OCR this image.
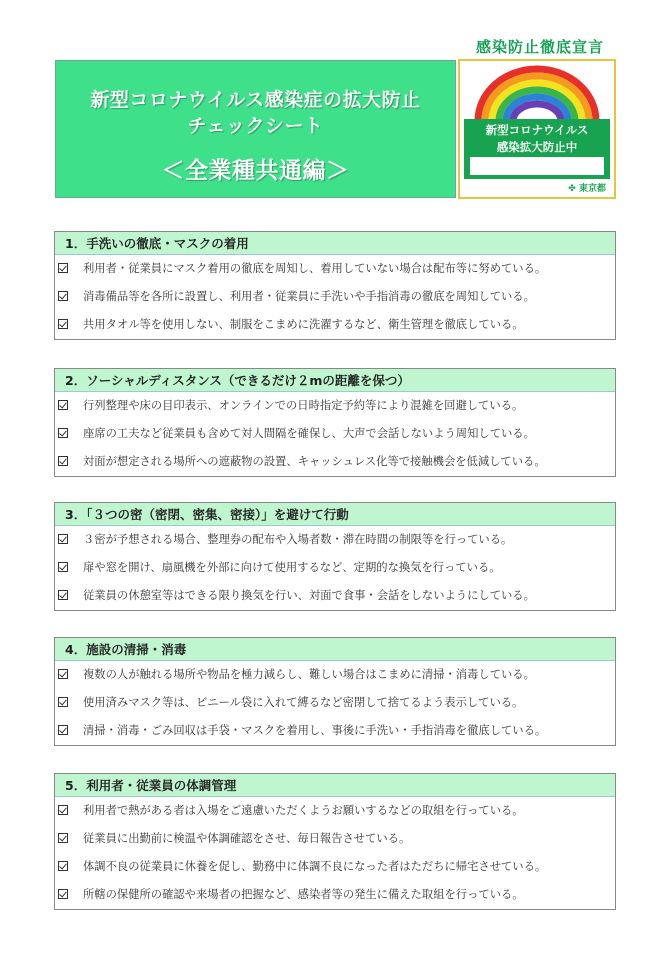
新型コロナウイルス感染症の拡大防止
チェックシート
＜全業種共通編＞
感染防止徹底宣言
新型コロナウイルス
感染拡大防止中
✤ 東京都
1．手洗いの徹底・マスクの着用
利用者・従業員にマスク着用の徹底を周知し、着用していない場合は配布等に努めている。
消毒備品等を各所に設置し、利用者・従業員に手洗いや手指消毒の徹底を周知している。
共用タオル等を使用しない、制服をこまめに洗濯するなど、衛生管理を徹底している。
2．ソーシャルディスタンス（できるだけ２mの距離を保つ）
行列整理や床の目印表示、オンラインでの日時指定予約等により混雑を回避している。
座席の工夫など従業員も含めて対人間隔を確保し、大声で会話しないよう周知している。
対面が想定される場所への遮蔽物の設置、キャッシュレス化等で接触機会を低減している。
3．「３つの密（密閉、密集、密接）」を避けて行動
３密が予想される場合、整理券の配布や入場者数・滞在時間の制限等を行っている。
扉や窓を開け、扇風機を外部に向けて使用するなど、定期的な換気を行っている。
従業員の休憩室等はできる限り換気を行い、対面で食事・会話をしないようにしている。
4．施設の清掃・消毒
複数の人が触れる場所や物品を極力減らし、難しい場合はこまめに清掃・消毒している。
使用済みマスク等は、ビニール袋に入れて縛るなど密閉して捨てるよう表示している。
清掃・消毒・ごみ回収は手袋・マスクを着用し、事後に手洗い・手指消毒を徹底している。
5．利用者・従業員の体調管理
利用者で熱がある者は入場をご遠慮いただくようお願いするなどの取組を行っている。
従業員に出勤前に検温や体調確認をさせ、毎日報告させている。
体調不良の従業員に休養を促し、勤務中に体調不良になった者はただちに帰宅させている。
所轄の保健所の確認や来場者の把握など、感染者等の発生に備えた取組を行っている。
